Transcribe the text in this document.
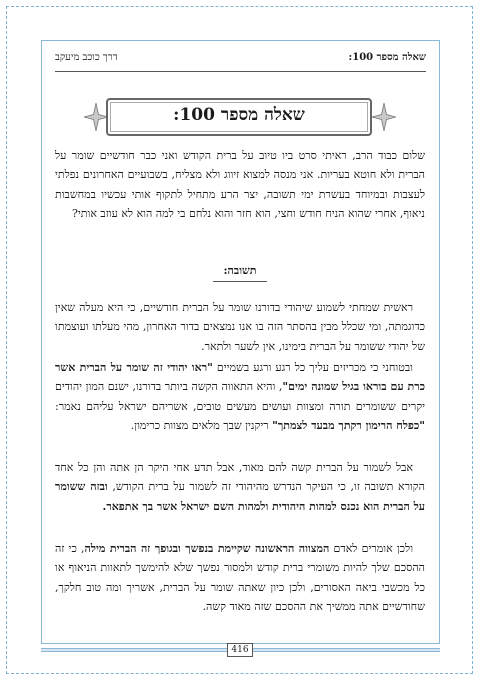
שאלה מספר 100:
דרך כוכב מיעקב
שאלה מספר 100:
שלום כבוד הרב, ראיתי סרט ביו טיוב על ברית הקודש ואני כבר חודשיים שומר על הברית ולא חוטא בעריות. אני מנסה למצוא זיווג ולא מצליח, בשבועיים האחרונים נפלתי לעצבות ובמיוחד בעשרת ימי תשובה, יצר הרע מתחיל לתקוף אותי עכשיו במחשבות ניאוף, אחרי שהוא הניח חודש וחצי, הוא חזר והוא נלחם בי למה הוא לא עוזב אותי?
תשובה:
ראשית שמחתי לשמוע שיהודי בדורנו שומר על הברית חודשיים, כי היא מעלה שאין כדוגמתה, ומי שכלל מבין בהסתר הזה בו אנו נמצאים בדור האחרון, מהי מעלתו ועוצמתו של יהודי ששומר על הברית בימינו, אין לשער ולתאר.
ובטוחני כי מכריזים עליך כל רגע ורגע בשמיים "ראו יהודי זה שומר על הברית אשר כרת עם בוראו בגיל שמונה ימים", והיא התאווה הקשה ביותר בדורנו, ישנם המון יהודים יקרים ששומרים תורה ומצוות ועושים מעשים טובים, אשריהם ישראל עליהם נאמר: "כפלח הרימון רקתך מבעד לצמתך" ריקנין שבך מלאים מצוות כרימון.
אבל לשמור על הברית קשה להם מאוד, אבל תדע אחי היקר הן אתה והן כל אחד הקורא תשובה זו, כי העיקר הנדרש מהיהודי זה לשמור על ברית הקודש, ובזה ששומר על הברית הוא נכנס למהות היהודית ולמהות השם ישראל אשר בך אתפאר.
ולכן אומרים לאדם המצווה הראשונה שקיימת בנפשך ובגופך זה הברית מילה, כי זה ההסכם שלך להיות משומרי ברית קודש ולמסור נפשך שלא להימשך לתאוות הניאוף או כל מכשבי ביאה האסורים, ולכן כיון שאתה שומר על הברית, אשריך ומה טוב חלקך, שחודשיים אתה ממשיך את ההסכם שזה מאוד קשה.
416
